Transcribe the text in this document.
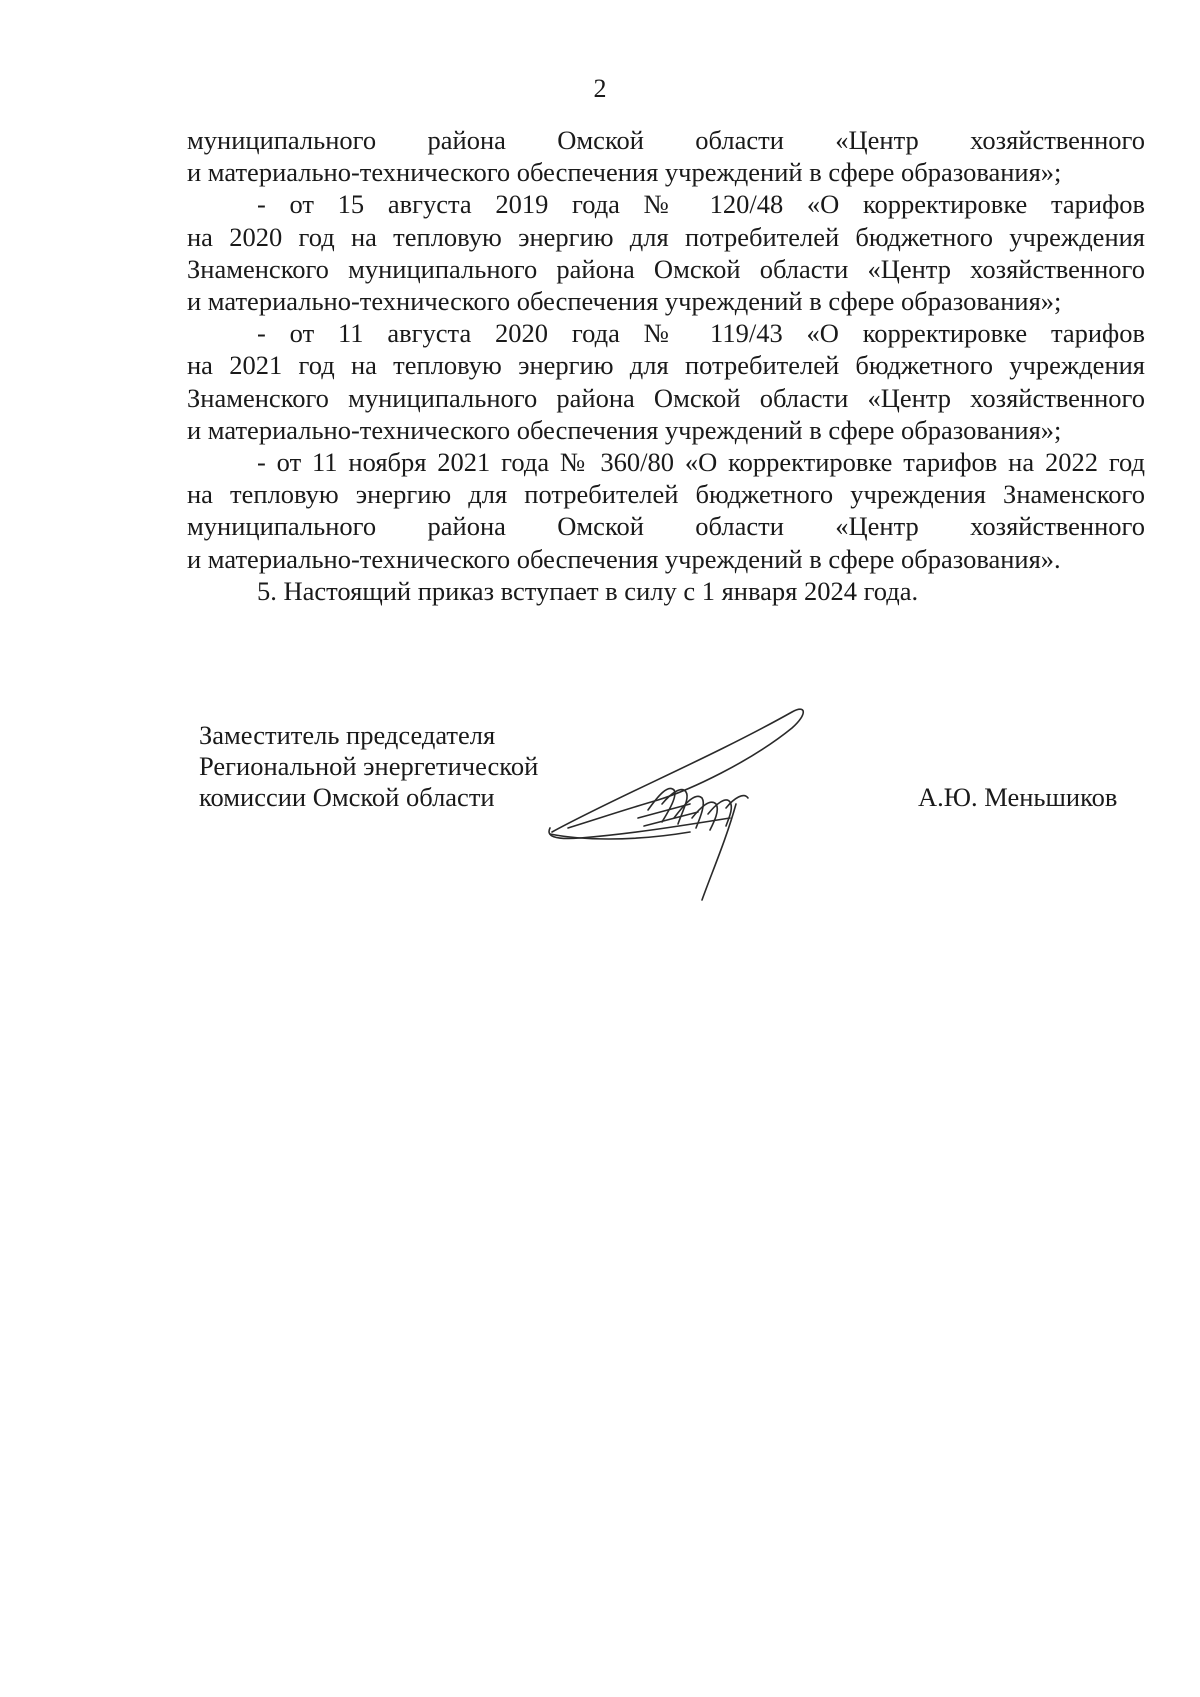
2

муниципального района Омской области «Центр хозяйственного
и материально-технического обеспечения учреждений в сфере образования»;

- от 15 августа 2019 года № 120/48 «О корректировке тарифов
на 2020 год на тепловую энергию для потребителей бюджетного учреждения
Знаменского муниципального района Омской области «Центр хозяйственного
и материально-технического обеспечения учреждений в сфере образования»;

- от 11 августа 2020 года № 119/43 «О корректировке тарифов
на 2021 год на тепловую энергию для потребителей бюджетного учреждения
Знаменского муниципального района Омской области «Центр хозяйственного
и материально-технического обеспечения учреждений в сфере образования»;

- от 11 ноября 2021 года № 360/80 «О корректировке тарифов на 2022 год
на тепловую энергию для потребителей бюджетного учреждения Знаменского
муниципального района Омской области «Центр хозяйственного
и материально-технического обеспечения учреждений в сфере образования».

5. Настоящий приказ вступает в силу с 1 января 2024 года.

Заместитель председателя
Региональной энергетической
комиссии Омской области	А.Ю. Меньшиков
